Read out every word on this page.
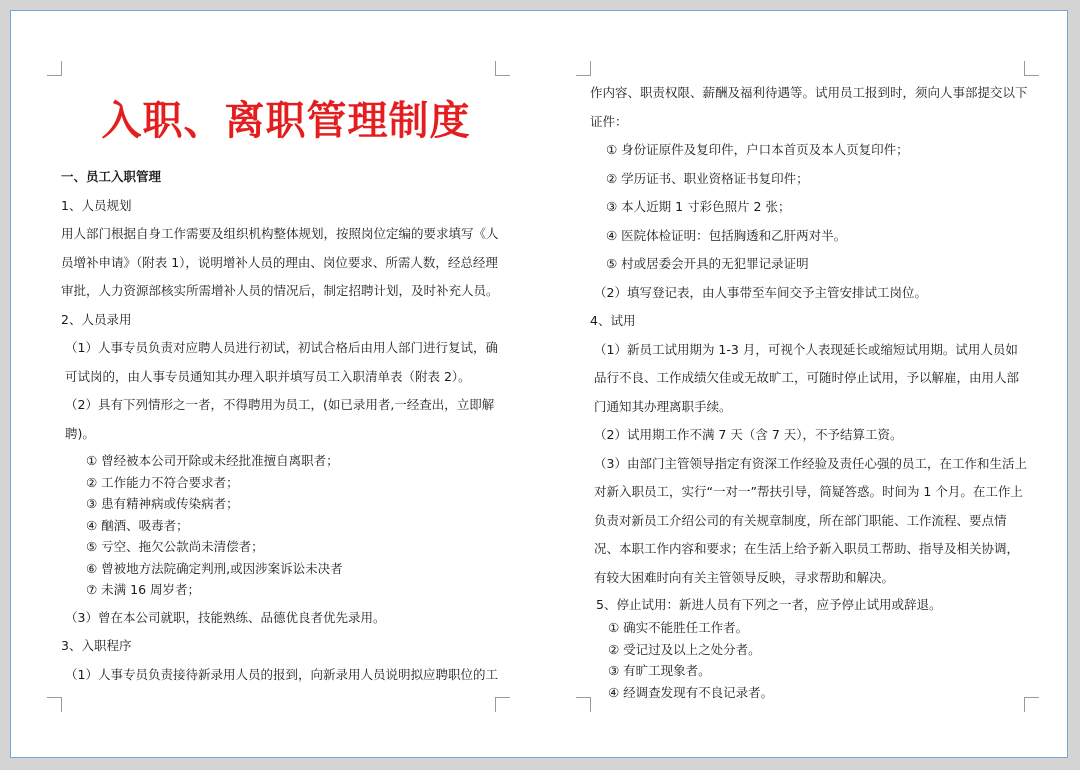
入职、离职管理制度

一、员工入职管理

1、人员规划

用人部门根据自身工作需要及组织机构整体规划，按照岗位定编的要求填写《人员增补申请》（附表 1），说明增补人员的理由、岗位要求、所需人数，经总经理审批，人力资源部核实所需增补人员的情况后，制定招聘计划，及时补充人员。

2、人员录用

（1）人事专员负责对应聘人员进行初试，初试合格后由用人部门进行复试，确可试岗的，由人事专员通知其办理入职并填写员工入职清单表（附表 2）。

（2）具有下列情形之一者，不得聘用为员工，(如已录用者,一经查出，立即解聘)。

① 曾经被本公司开除或未经批准擅自离职者；
② 工作能力不符合要求者；
③ 患有精神病或传染病者；
④ 酗酒、吸毒者；
⑤ 亏空、拖欠公款尚未清偿者；
⑥ 曾被地方法院确定判刑,或因涉案诉讼未决者
⑦ 未满 16 周岁者；

（3）曾在本公司就职，技能熟练、品德优良者优先录用。

3、入职程序

（1）人事专员负责接待新录用人员的报到，向新录用人员说明拟应聘职位的工

作内容、职责权限、薪酬及福利待遇等。试用员工报到时，须向人事部提交以下证件：

① 身份证原件及复印件，户口本首页及本人页复印件；
② 学历证书、职业资格证书复印件；
③ 本人近期 1 寸彩色照片 2 张；
④ 医院体检证明：包括胸透和乙肝两对半。
⑤ 村或居委会开具的无犯罪记录证明

（2）填写登记表，由人事带至车间交予主管安排试工岗位。

4、试用

（1）新员工试用期为 1-3 月，可视个人表现延长或缩短试用期。试用人员如品行不良、工作成绩欠佳或无故旷工，可随时停止试用，予以解雇，由用人部门通知其办理离职手续。

（2）试用期工作不满 7 天（含 7 天），不予结算工资。

（3）由部门主管领导指定有资深工作经验及责任心强的员工，在工作和生活上对新入职员工，实行“一对一”帮扶引导，简疑答惑。时间为 1 个月。在工作上负责对新员工介绍公司的有关规章制度，所在部门职能、工作流程、要点情况、本职工作内容和要求；在生活上给予新入职员工帮助、指导及相关协调，有较大困难时向有关主管领导反映，寻求帮助和解决。

5、停止试用：新进人员有下列之一者，应予停止试用或辞退。

① 确实不能胜任工作者。
② 受记过及以上之处分者。
③ 有旷工现象者。
④ 经调查发现有不良记录者。
